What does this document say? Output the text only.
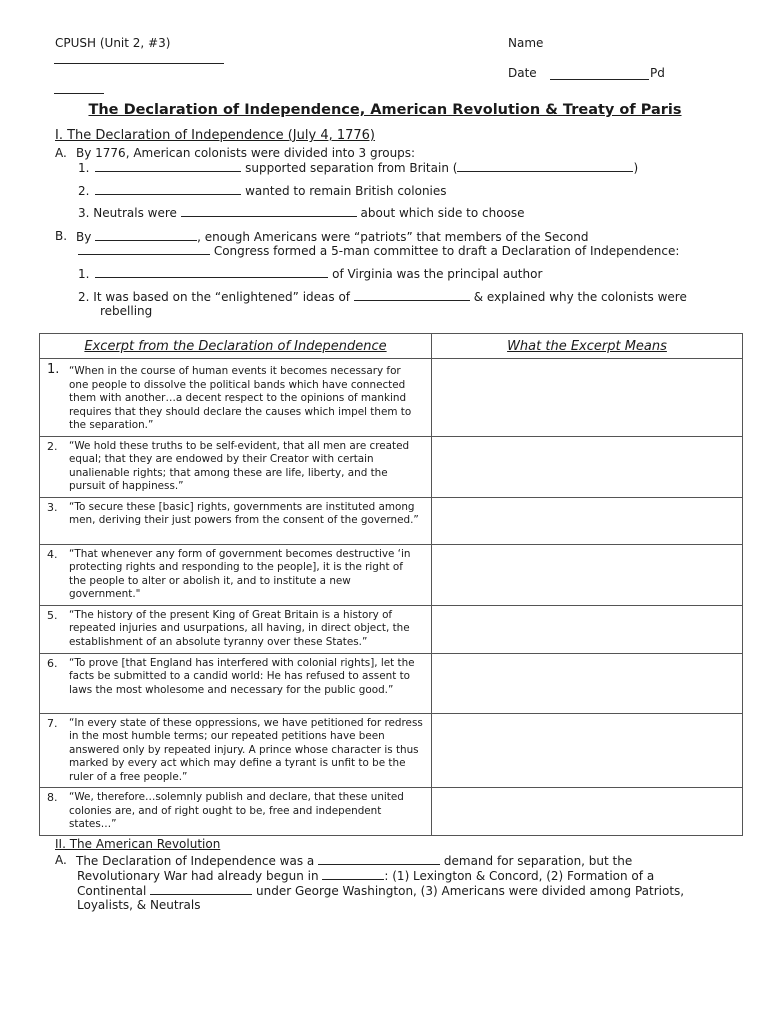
CPUSH (Unit 2, #3)	Name
Date	Pd
The Declaration of Independence, American Revolution & Treaty of Paris
I. The Declaration of Independence (July 4, 1776)
A. By 1776, American colonists were divided into 3 groups:
1.	supported separation from Britain (	)
2.	wanted to remain British colonies
3. Neutrals were	about which side to choose
B. By	, enough Americans were “patriots” that members of the Second
Congress formed a 5-man committee to draft a Declaration of Independence:
1.	of Virginia was the principal author
2. It was based on the “enlightened” ideas of	& explained why the colonists were
rebelling
Excerpt from the Declaration of Independence	What the Excerpt Means

1. “When in the course of human events it becomes necessary for one people to dissolve the political bands which have connected them with another…a decent respect to the opinions of mankind requires that they should declare the causes which impel them to the separation.”	

2. “We hold these truths to be self-evident, that all men are created equal; that they are endowed by their Creator with certain unalienable rights; that among these are life, liberty, and the pursuit of happiness.”	

3. “To secure these [basic] rights, governments are instituted among men, deriving their just powers from the consent of the governed.”	

4. “That whenever any form of government becomes destructive ‘in protecting rights and responding to the people], it is the right of the people to alter or abolish it, and to institute a new government."	

5. “The history of the present King of Great Britain is a history of repeated injuries and usurpations, all having, in direct object, the establishment of an absolute tyranny over these States.”	

6. “To prove [that England has interfered with colonial rights], let the facts be submitted to a candid world: He has refused to assent to laws the most wholesome and necessary for the public good.”	

7. “In every state of these oppressions, we have petitioned for redress in the most humble terms; our repeated petitions have been answered only by repeated injury. A prince whose character is thus marked by every act which may define a tyrant is unfit to be the ruler of a free people.”	

8. “We, therefore…solemnly publish and declare, that these united colonies are, and of right ought to be, free and independent states…”	

II. The American Revolution
A. The Declaration of Independence was a	demand for separation, but the
Revolutionary War had already begun in	: (1) Lexington & Concord, (2) Formation of a
Continental	under George Washington, (3) Americans were divided among Patriots,
Loyalists, & Neutrals
